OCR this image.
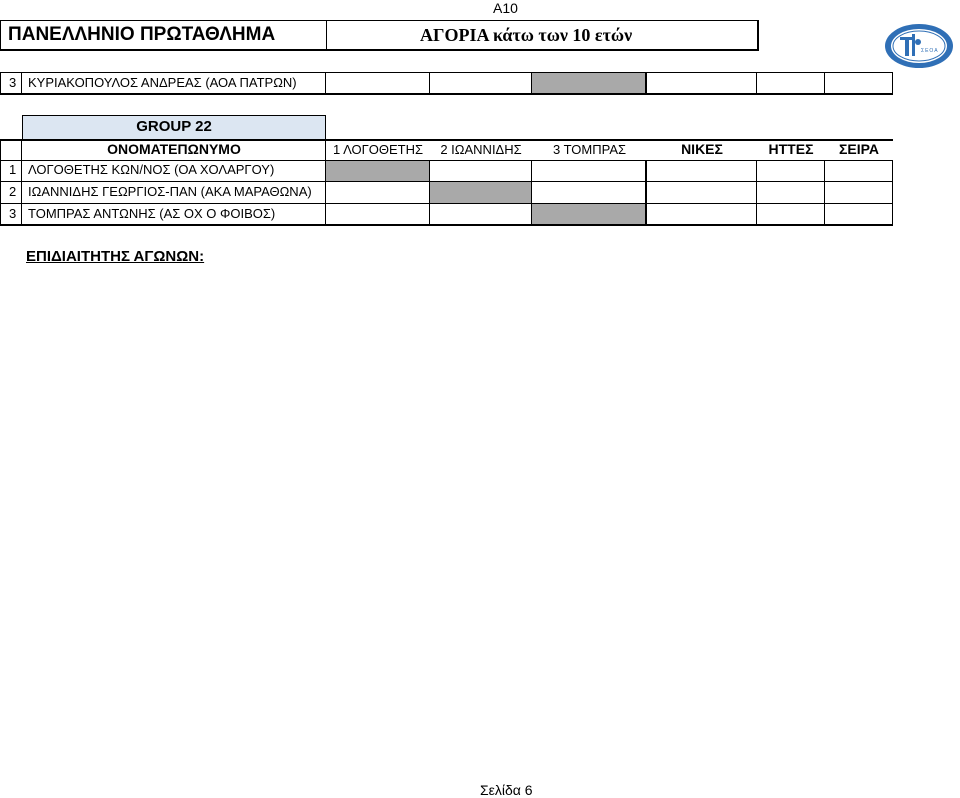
A10
ΠΑΝΕΛΛΗΝΙΟ ΠΡΩΤΑΘΛΗΜΑ	ΑΓΟΡΙΑ κάτω των 10 ετών
ΣΕΟΑ
3 ΚΥΡΙΑΚΟΠΟΥΛΟΣ ΑΝΔΡΕΑΣ (ΑΟΑ ΠΑΤΡΩΝ)
GROUP 22
ΟΝΟΜΑΤΕΠΩΝΥΜΟ	1 ΛΟΓΟΘΕΤΗΣ	2 ΙΩΑΝΝΙΔΗΣ	3 ΤΟΜΠΡΑΣ	ΝΙΚΕΣ	ΗΤΤΕΣ	ΣΕΙΡΑ
1 ΛΟΓΟΘΕΤΗΣ ΚΩΝ/ΝΟΣ (ΟΑ ΧΟΛΑΡΓΟΥ)
2 ΙΩΑΝΝΙΔΗΣ ΓΕΩΡΓΙΟΣ-ΠΑΝ (ΑΚΑ ΜΑΡΑΘΩΝΑ)
3 ΤΟΜΠΡΑΣ ΑΝΤΩΝΗΣ (ΑΣ ΟΧ Ο ΦΟΙΒΟΣ)
ΕΠΙΔΙΑΙΤΗΤΗΣ ΑΓΩΝΩΝ:
Σελίδα 6
